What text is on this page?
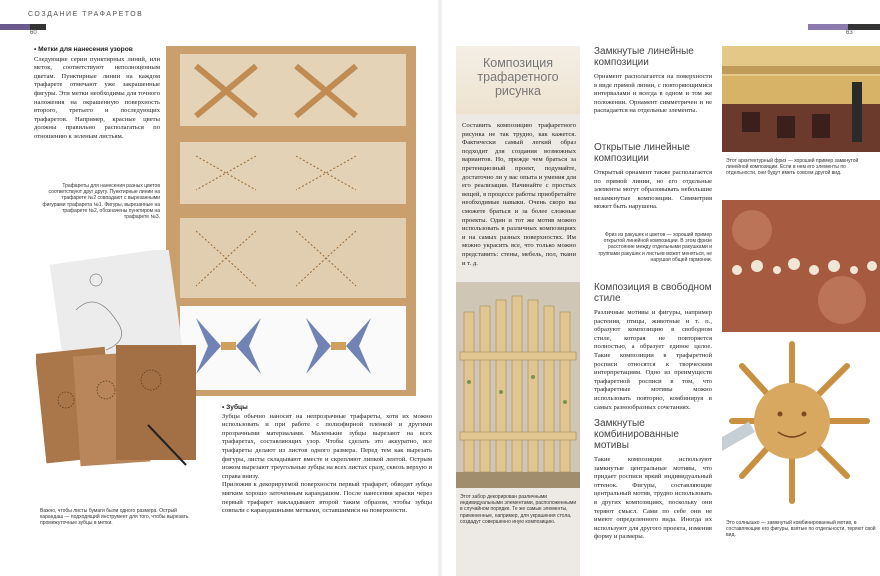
СОЗДАНИЕ ТРАФАРЕТОВ
60	63
• Метки для нанесения узоров
Следующие серии пунктирных линий, или меток, соответствуют неполноценным цветам. Пунктирные линии на каждом трафарете отмечают уже закрашенные фигуры. Эти метки необходимы для точного наложения на окрашенную поверхность второго, третьего и последующих трафаретов. Например, красные цветы должны правильно располагаться по отношению к зеленым листьям.
Трафареты для нанесения разных цветов соответствуют друг другу. Пунктирные линии на трафарете №2 совпадают с вырезанными фигурами трафарета №1. Фигуры, вырезанные на трафарете №2, обозначены пунктиром на трафарете №3.
Важно, чтобы листы бумаги были одного размера. Острый карандаш — подходящий инструмент для того, чтобы вырезать промежуточные зубцы в метки.
• Зубцы
Зубцы обычно наносят на непрозрачные трафареты, хотя их можно использовать и при работе с полиэфирной пленкой и другими прозрачными материалами. Маленькие зубцы вырезают на всех трафаретах, составляющих узор. Чтобы сделать это аккуратно, все трафареты делают из листов одного размера. Перед тем как вырезать фигуры, листы складывают вместе и скрепляют липкой лентой. Острым ножом вырезают треугольные зубцы на всех листах сразу, сквозь верхую и справа внизу.
Приложив к декорируемой поверхности первый трафарет, обводят зубцы мягким хорошо заточенным карандашом. После нанесения краски через первый трафарет накладывают второй таким образом, чтобы зубцы совпали с карандашными метками, оставшимися на поверхности.
Композиция трафаретного рисунка
Составить композицию трафаретного рисунка не так трудно, как кажется. Фактически самый легкий образ подходит для создания возможных вариантов. Но, прежде чем браться за претенциозный проект, подумайте, достаточно ли у вас опыта и умения для его реализации. Начинайте с простых вещей, в процессе работы приобретайте необходимые навыки. Очень скоро вы сможете браться и за более сложные проекты. Один и тот же мотив можно использовать в различных композициях и на самых разных поверхностях. Им можно украсить все, что только можно представить: стены, мебель, пол, ткани и т. д.
Этот забор декорирован различными индивидуальными элементами, расположенными в случайном порядке. Те же самые элементы, примененные, например, для украшения стола, создадут совершенно иную композицию.
Замкнутые линейные композиции
Орнамент располагается на поверхности в виде прямой линии, с повторяющимися интервалами и всегда в одном и том же положении. Орнамент симметричен и не распадается на отдельные элементы.
Открытые линейные композиции
Открытый орнамент также располагается по прямой линии, но его отдельные элементы могут образовывать небольшие незамкнутые композиции. Симметрия может быть нарушена.
Фриз из ракушек и цветов — хороший пример открытой линейной композиции. В этом фризе расстояние между отдельными ракушками и группами ракушек и листьев может меняться, не нарушая общей гармонии.
Композиция в свободном стиле
Различные мотивы и фигуры, например растения, птицы, животные и т. п., образуют композицию в свободном стиле, которая не повторяется полностью, а образует единое целое. Такие композиции в трафаретной росписи относятся к творческим интерпретациям. Одно из преимуществ трафаретной росписи в том, что трафаретные мотивы можно использовать повторно, комбинируя в самых разнообразных сочетаниях.
Замкнутые комбинированные мотивы
Такие композиции используют замкнутые центральные мотивы, что придает росписи яркий индивидуальный оттенок. Фигуры, составляющие центральный мотив, трудно использовать в других композициях, поскольку они теряют смысл. Сами по себе они не имеют определенного вида. Иногда их используют для другого проекта, изменив форму и размеры.
Этот архитектурный фриз — хороший пример замкнутой линейной композиции. Если в нем его элементы по отдельности, они будут иметь совсем другой вид.
Это солнышко — замкнутый комбинированный мотив, в составляющие его фигуры, взятые по отдельности, теряют свой вид.
